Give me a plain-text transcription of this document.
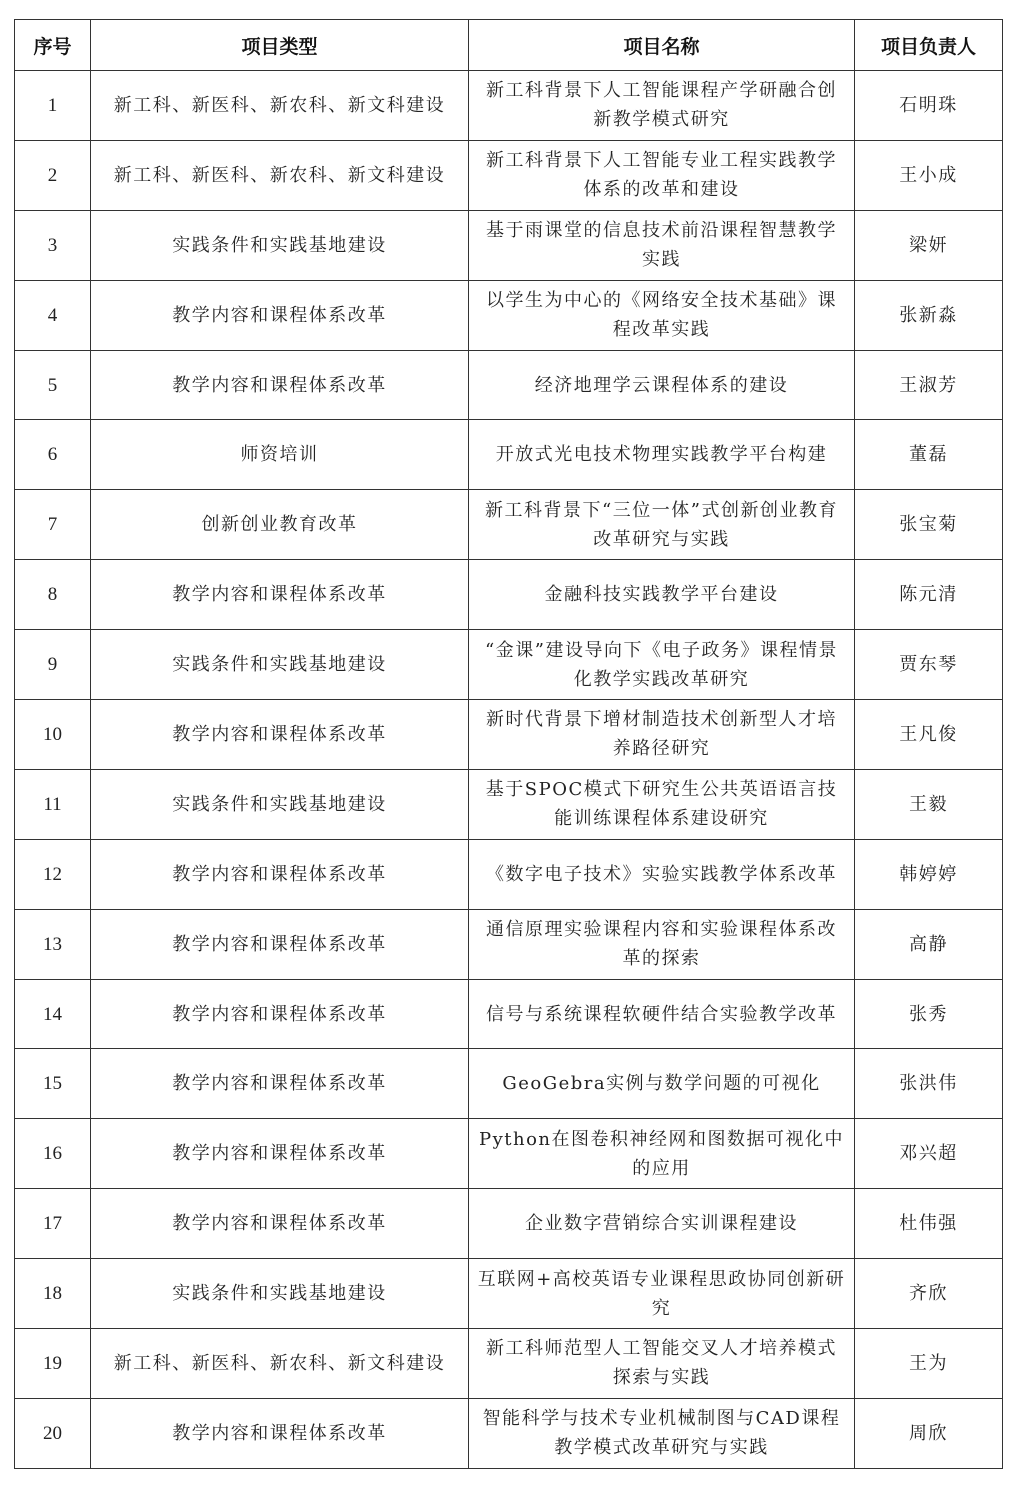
序号	项目类型	项目名称	项目负责人
1	新工科、新医科、新农科、新文科建设	新工科背景下人工智能课程产学研融合创新教学模式研究	石明珠
2	新工科、新医科、新农科、新文科建设	新工科背景下人工智能专业工程实践教学体系的改革和建设	王小成
3	实践条件和实践基地建设	基于雨课堂的信息技术前沿课程智慧教学实践	梁妍
4	教学内容和课程体系改革	以学生为中心的《网络安全技术基础》课程改革实践	张新淼
5	教学内容和课程体系改革	经济地理学云课程体系的建设	王淑芳
6	师资培训	开放式光电技术物理实践教学平台构建	董磊
7	创新创业教育改革	新工科背景下“三位一体”式创新创业教育改革研究与实践	张宝菊
8	教学内容和课程体系改革	金融科技实践教学平台建设	陈元清
9	实践条件和实践基地建设	“金课”建设导向下《电子政务》课程情景化教学实践改革研究	贾东琴
10	教学内容和课程体系改革	新时代背景下增材制造技术创新型人才培养路径研究	王凡俊
11	实践条件和实践基地建设	基于SPOC模式下研究生公共英语语言技能训练课程体系建设研究	王毅
12	教学内容和课程体系改革	《数字电子技术》实验实践教学体系改革	韩婷婷
13	教学内容和课程体系改革	通信原理实验课程内容和实验课程体系改革的探索	高静
14	教学内容和课程体系改革	信号与系统课程软硬件结合实验教学改革	张秀
15	教学内容和课程体系改革	GeoGebra实例与数学问题的可视化	张洪伟
16	教学内容和课程体系改革	Python在图卷积神经网和图数据可视化中的应用	邓兴超
17	教学内容和课程体系改革	企业数字营销综合实训课程建设	杜伟强
18	实践条件和实践基地建设	互联网+高校英语专业课程思政协同创新研究	齐欣
19	新工科、新医科、新农科、新文科建设	新工科师范型人工智能交叉人才培养模式探索与实践	王为
20	教学内容和课程体系改革	智能科学与技术专业机械制图与CAD课程教学模式改革研究与实践	周欣
